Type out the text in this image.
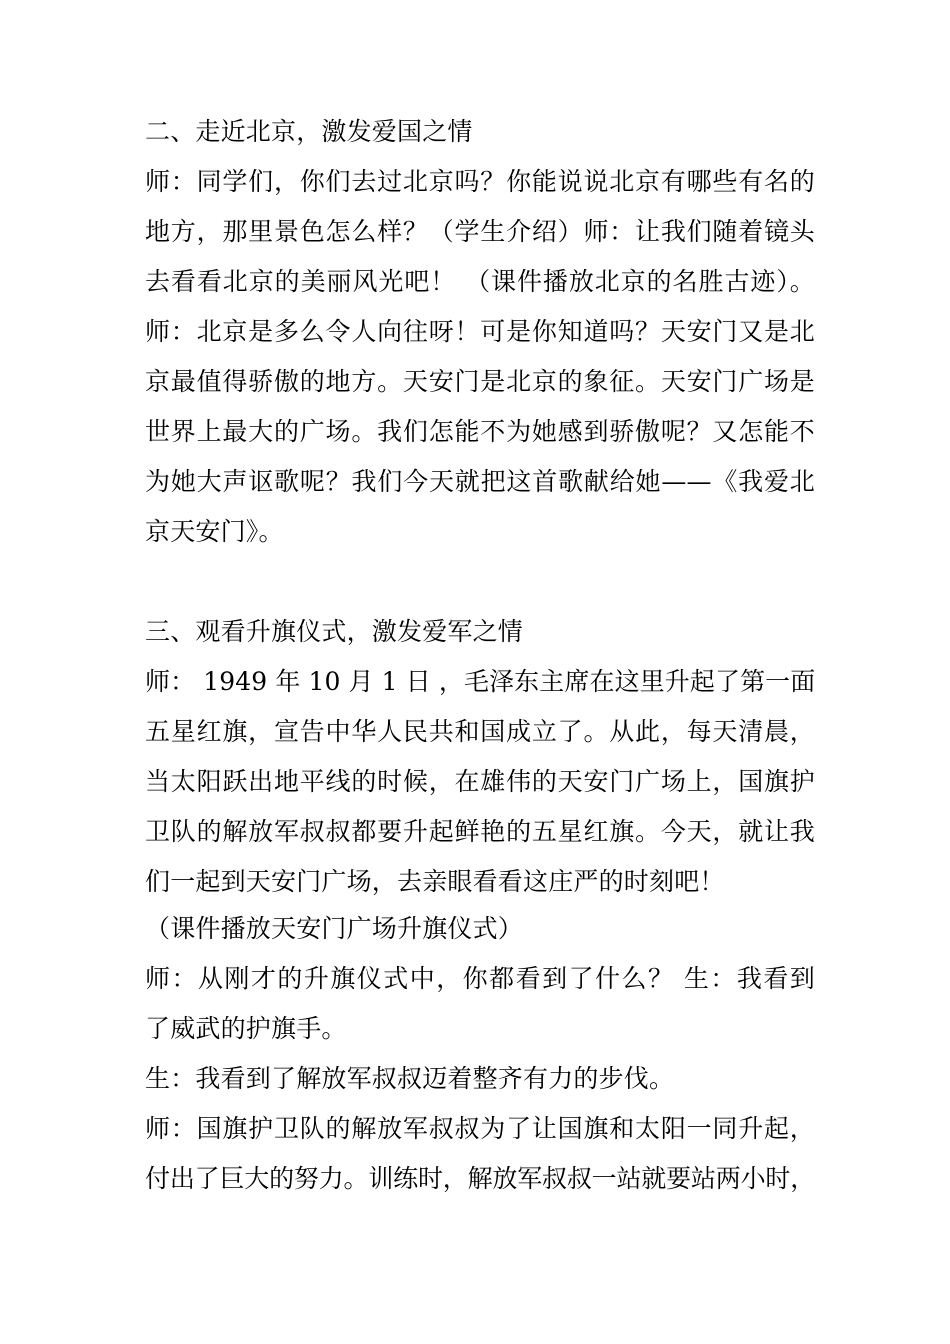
二、走近北京，激发爱国之情
师：同学们，你们去过北京吗？你能说说北京有哪些有名的
地方，那里景色怎么样？（学生介绍）师：让我们随着镜头
去看看北京的美丽风光吧！ （课件播放北京的名胜古迹）。
师：北京是多么令人向往呀！可是你知道吗？天安门又是北
京最值得骄傲的地方。天安门是北京的象征。天安门广场是
世界上最大的广场。我们怎能不为她感到骄傲呢？又怎能不
为她大声讴歌呢？我们今天就把这首歌献给她——《我爱北
京天安门》。
三、观看升旗仪式，激发爱军之情
师： 1949 年 10 月 1 日 ，毛泽东主席在这里升起了第一面
五星红旗，宣告中华人民共和国成立了。从此，每天清晨，
当太阳跃出地平线的时候，在雄伟的天安门广场上，国旗护
卫队的解放军叔叔都要升起鲜艳的五星红旗。今天，就让我
们一起到天安门广场，去亲眼看看这庄严的时刻吧！
（课件播放天安门广场升旗仪式）
师：从刚才的升旗仪式中，你都看到了什么？ 生：我看到
了威武的护旗手。
生：我看到了解放军叔叔迈着整齐有力的步伐。
师：国旗护卫队的解放军叔叔为了让国旗和太阳一同升起，
付出了巨大的努力。训练时，解放军叔叔一站就要站两小时，
